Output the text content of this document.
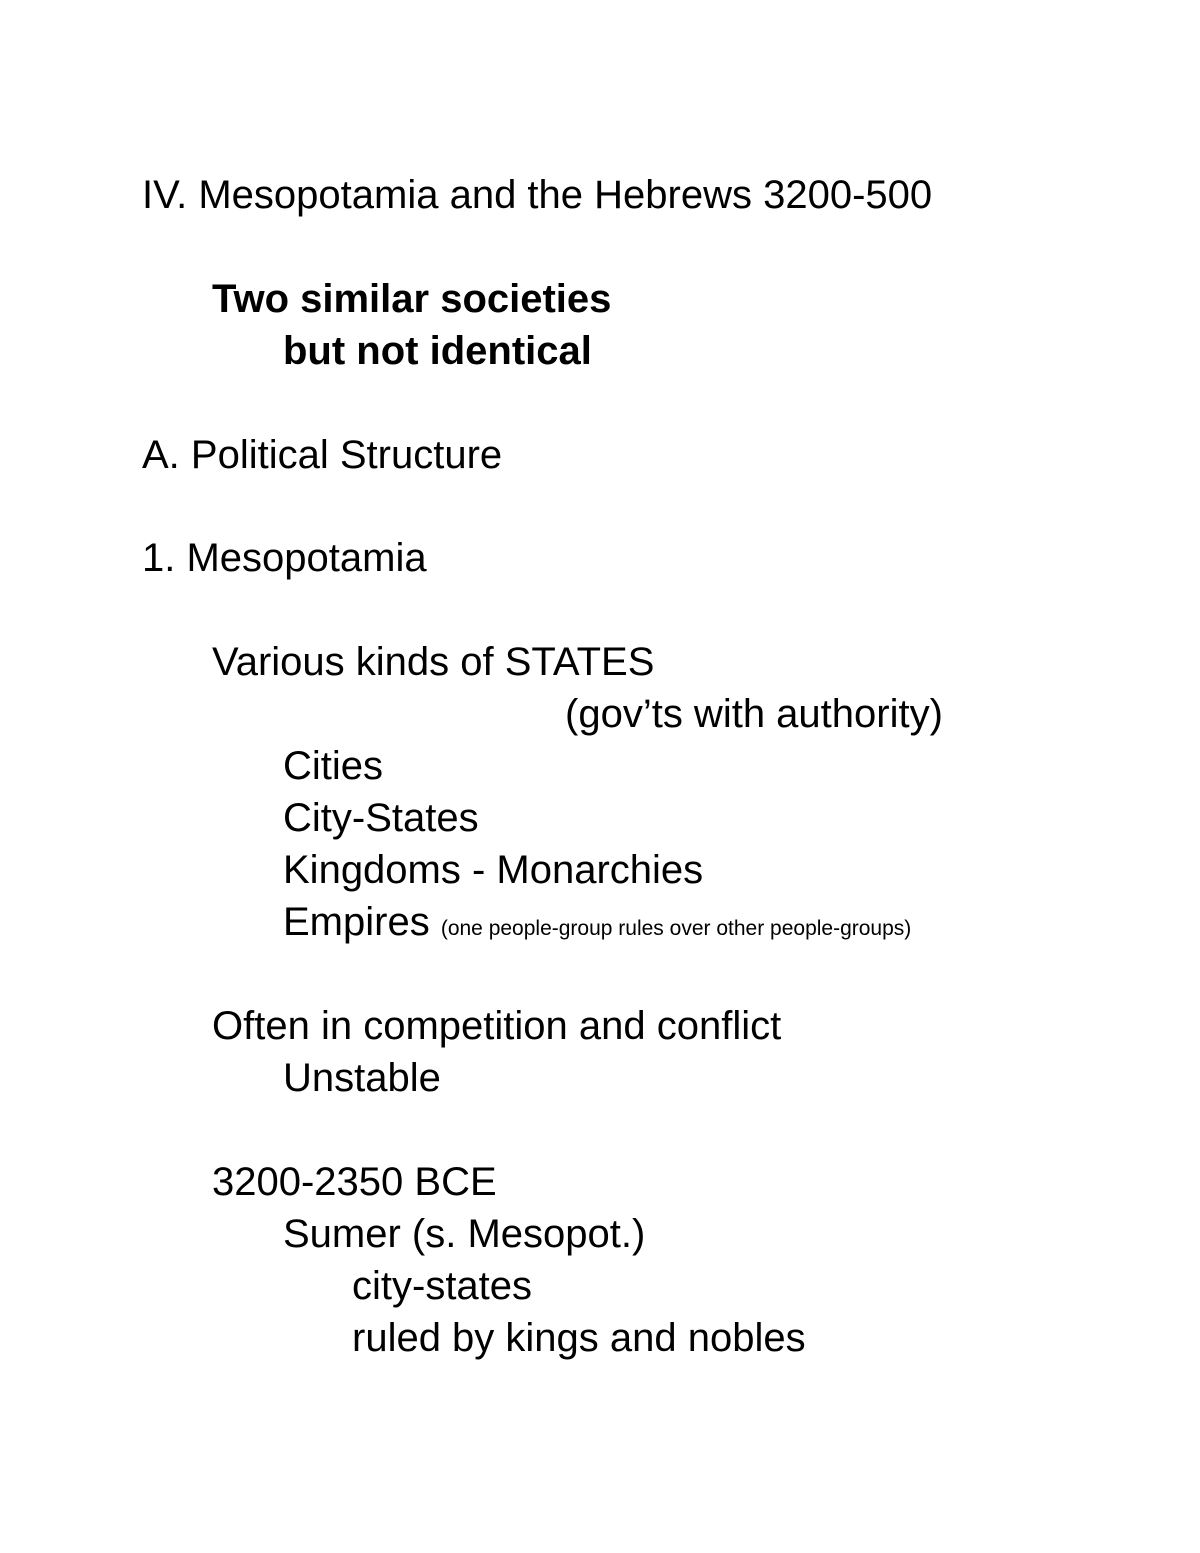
IV. Mesopotamia and the Hebrews 3200-500
Two similar societies
but not identical
A. Political Structure
1. Mesopotamia
Various kinds of STATES
(gov’ts with authority)
Cities
City-States
Kingdoms - Monarchies
Empires (one people-group rules over other people-groups)
Often in competition and conflict
Unstable
3200-2350 BCE
Sumer (s. Mesopot.)
city-states
ruled by kings and nobles
